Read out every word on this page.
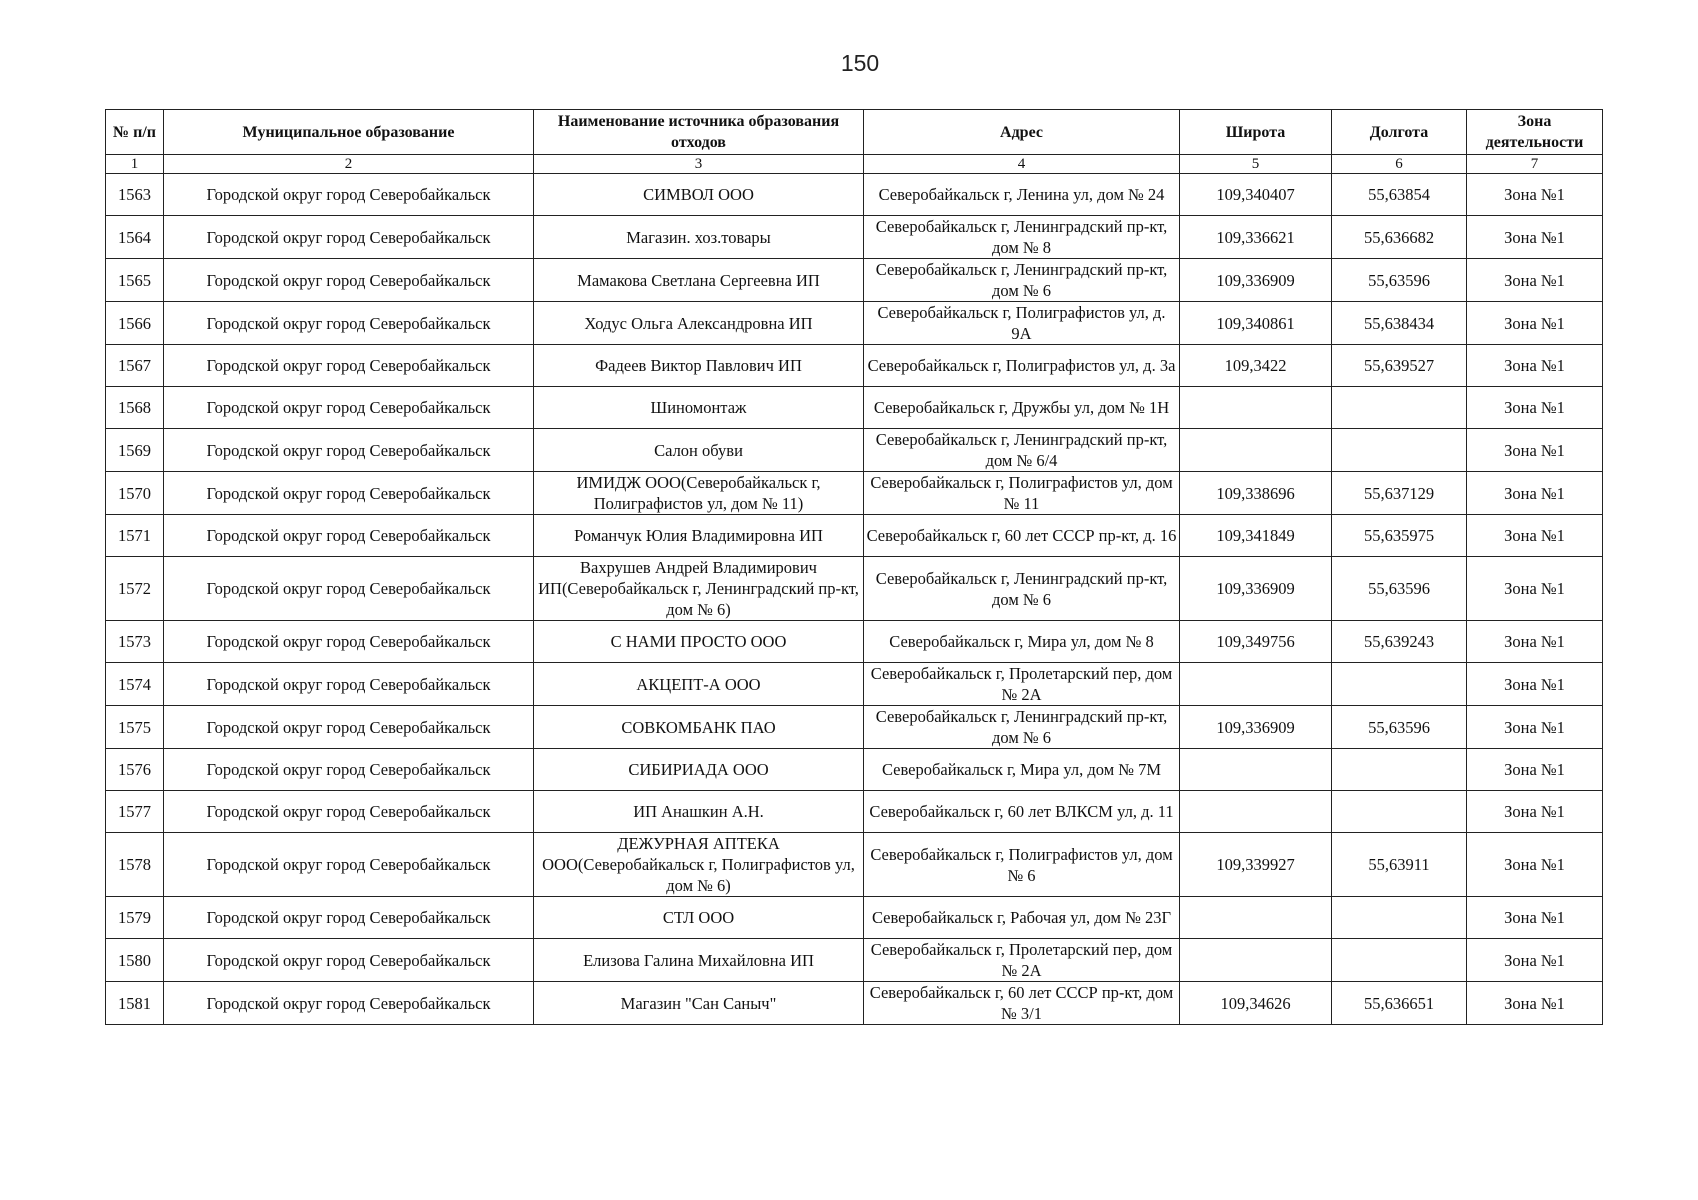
150
№ п/п	Муниципальное образование	Наименование источника образования отходов	Адрес	Широта	Долгота	Зона деятельности
1	2	3	4	5	6	7
1563	Городской округ город Северобайкальск	СИМВОЛ ООО	Северобайкальск г, Ленина ул, дом № 24	109,340407	55,63854	Зона №1
1564	Городской округ город Северобайкальск	Магазин. хоз.товары	Северобайкальск г, Ленинградский пр-кт, дом № 8	109,336621	55,636682	Зона №1
1565	Городской округ город Северобайкальск	Мамакова Светлана Сергеевна ИП	Северобайкальск г, Ленинградский пр-кт, дом № 6	109,336909	55,63596	Зона №1
1566	Городской округ город Северобайкальск	Ходус Ольга Александровна ИП	Северобайкальск г, Полиграфистов ул, д. 9А	109,340861	55,638434	Зона №1
1567	Городской округ город Северобайкальск	Фадеев Виктор Павлович ИП	Северобайкальск г, Полиграфистов ул, д. 3а	109,3422	55,639527	Зона №1
1568	Городской округ город Северобайкальск	Шиномонтаж	Северобайкальск г, Дружбы ул, дом № 1Н			Зона №1
1569	Городской округ город Северобайкальск	Салон обуви	Северобайкальск г, Ленинградский пр-кт, дом № 6/4			Зона №1
1570	Городской округ город Северобайкальск	ИМИДЖ ООО(Северобайкальск г, Полиграфистов ул, дом № 11)	Северобайкальск г, Полиграфистов ул, дом № 11	109,338696	55,637129	Зона №1
1571	Городской округ город Северобайкальск	Романчук Юлия Владимировна ИП	Северобайкальск г, 60 лет СССР пр-кт, д. 16	109,341849	55,635975	Зона №1
1572	Городской округ город Северобайкальск	Вахрушев Андрей Владимирович ИП(Северобайкальск г, Ленинградский пр-кт, дом № 6)	Северобайкальск г, Ленинградский пр-кт, дом № 6	109,336909	55,63596	Зона №1
1573	Городской округ город Северобайкальск	С НАМИ ПРОСТО ООО	Северобайкальск г, Мира ул, дом № 8	109,349756	55,639243	Зона №1
1574	Городской округ город Северобайкальск	АКЦЕПТ-А ООО	Северобайкальск г, Пролетарский пер, дом № 2А			Зона №1
1575	Городской округ город Северобайкальск	СОВКОМБАНК ПАО	Северобайкальск г, Ленинградский пр-кт, дом № 6	109,336909	55,63596	Зона №1
1576	Городской округ город Северобайкальск	СИБИРИАДА ООО	Северобайкальск г, Мира ул, дом № 7М			Зона №1
1577	Городской округ город Северобайкальск	ИП Анашкин А.Н.	Северобайкальск г, 60 лет ВЛКСМ ул, д. 11			Зона №1
1578	Городской округ город Северобайкальск	ДЕЖУРНАЯ АПТЕКА ООО(Северобайкальск г, Полиграфистов ул, дом № 6)	Северобайкальск г, Полиграфистов ул, дом № 6	109,339927	55,63911	Зона №1
1579	Городской округ город Северобайкальск	СТЛ ООО	Северобайкальск г, Рабочая ул, дом № 23Г			Зона №1
1580	Городской округ город Северобайкальск	Елизова Галина Михайловна ИП	Северобайкальск г, Пролетарский пер, дом № 2А			Зона №1
1581	Городской округ город Северобайкальск	Магазин "Сан Саныч"	Северобайкальск г, 60 лет СССР пр-кт, дом № 3/1	109,34626	55,636651	Зона №1
